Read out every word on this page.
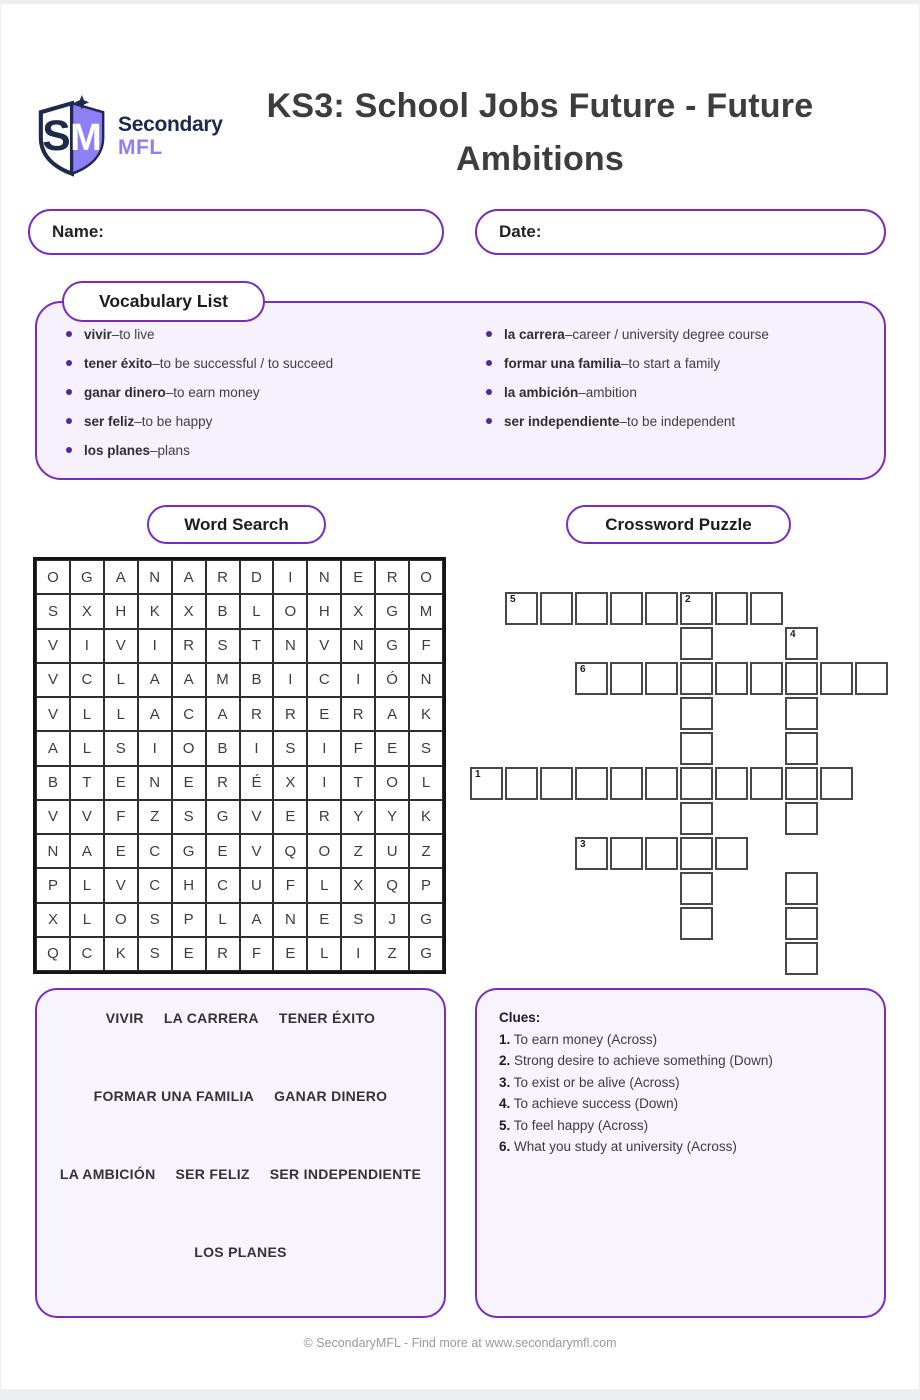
S M Secondary
MFL
KS3: School Jobs Future - Future Ambitions
Name:	Date:
Vocabulary List
vivir – to live
tener éxito – to be successful / to succeed
ganar dinero – to earn money
ser feliz – to be happy
los planes – plans
la carrera – career / university degree course
formar una familia – to start a family
la ambición – ambition
ser independiente – to be independent
Word Search	Crossword Puzzle
O	G	A	N	A	R	D	I	N	E	R	O
S	X	H	K	X	B	L	O	H	X	G	M
V	I	V	I	R	S	T	N	V	N	G	F
V	C	L	A	A	M	B	I	C	I	Ó	N
V	L	L	A	C	A	R	R	E	R	A	K
A	L	S	I	O	B	I	S	I	F	E	S
B	T	E	N	E	R	É	X	I	T	O	L
V	V	F	Z	S	G	V	E	R	Y	Y	K
N	A	E	C	G	E	V	Q	O	Z	U	Z
P	L	V	C	H	C	U	F	L	X	Q	P
X	L	O	S	P	L	A	N	E	S	J	G
Q	C	K	S	E	R	F	E	L	I	Z	G
5	2
4
6
1
3
VIVIR LA CARRERA TENER ÉXITO
FORMAR UNA FAMILIA GANAR DINERO
LA AMBICIÓN SER FELIZ SER INDEPENDIENTE
LOS PLANES
Clues:
1. To earn money (Across)
2. Strong desire to achieve something (Down)
3. To exist or be alive (Across)
4. To achieve success (Down)
5. To feel happy (Across)
6. What you study at university (Across)
© SecondaryMFL - Find more at www.secondarymfl.com
